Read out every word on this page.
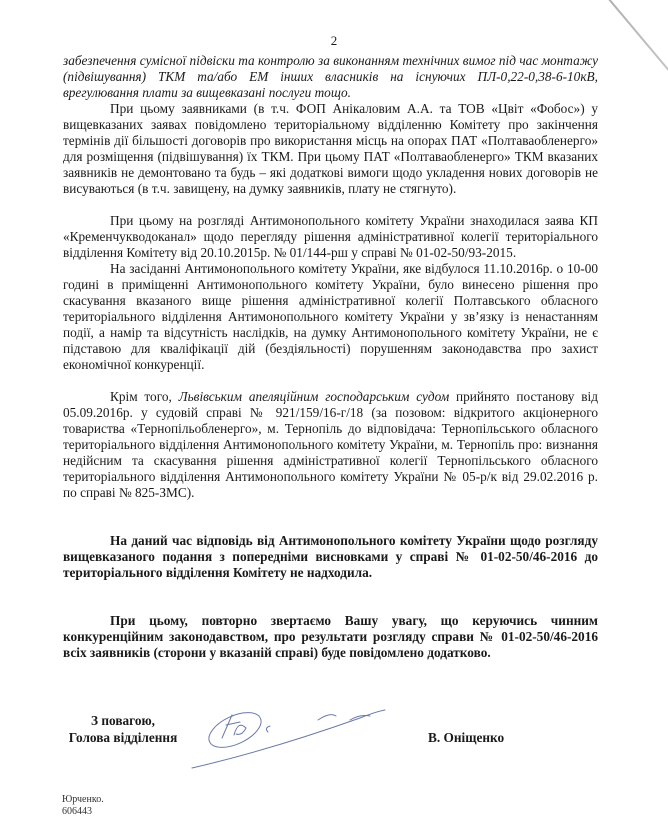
2

забезпечення сумісної підвіски та контролю за виконанням технічних вимог під час монтажу (підвішування) ТКМ та/або ЕМ інших власників на існуючих ПЛ-0,22-0,38-6-10кВ, врегулювання плати за вищевказані послуги тощо.

При цьому заявниками (в т.ч. ФОП Анікаловим А.А. та ТОВ «Цвіт «Фобос») у вищевказаних заявах повідомлено територіальному відділенню Комітету про закінчення термінів дії більшості договорів про використання місць на опорах ПАТ «Полтаваобленерго» для розміщення (підвішування) їх ТКМ. При цьому ПАТ «Полтаваобленерго» ТКМ вказаних заявників не демонтовано та будь – які додаткові вимоги щодо укладення нових договорів не висуваються (в т.ч. завищену, на думку заявників, плату не стягнуто).

При цьому на розгляді Антимонопольного комітету України знаходилася заява КП «Кременчукводоканал» щодо перегляду рішення адміністративної колегії територіального відділення Комітету від 20.10.2015р. № 01/144-рш у справі № 01-02-50/93-2015.

На засіданні Антимонопольного комітету України, яке відбулося 11.10.2016р. о 10-00 годині в приміщенні Антимонопольного комітету України, було винесено рішення про скасування вказаного вище рішення адміністративної колегії Полтавського обласного територіального відділення Антимонопольного комітету України у зв’язку із ненастанням події, а намір та відсутність наслідків, на думку Антимонопольного комітету України, не є підставою для кваліфікації дій (бездіяльності) порушенням законодавства про захист економічної конкуренції.

Крім того, Львівським апеляційним господарським судом прийнято постанову від 05.09.2016р. у судовій справі № 921/159/16-г/18 (за позовом: відкритого акціонерного товариства «Тернопільобленерго», м. Тернопіль до відповідача: Тернопільського обласного територіального відділення Антимонопольного комітету України, м. Тернопіль про: визнання недійсним та скасування рішення адміністративної колегії Тернопільського обласного територіального відділення Антимонопольного комітету України № 05-р/к від 29.02.2016 р. по справі № 825-ЗМС).

На даний час відповідь від Антимонопольного комітету України щодо розгляду вищевказаного подання з попередніми висновками у справі № 01-02-50/46-2016 до територіального відділення Комітету не надходила.

При цьому, повторно звертаємо Вашу увагу, що керуючись чинним конкуренційним законодавством, про результати розгляду справи № 01-02-50/46-2016 всіх заявників (сторони у вказаній справі) буде повідомлено додатково.

З повагою,
Голова відділення	В. Оніщенко
Юрченко.
606443
